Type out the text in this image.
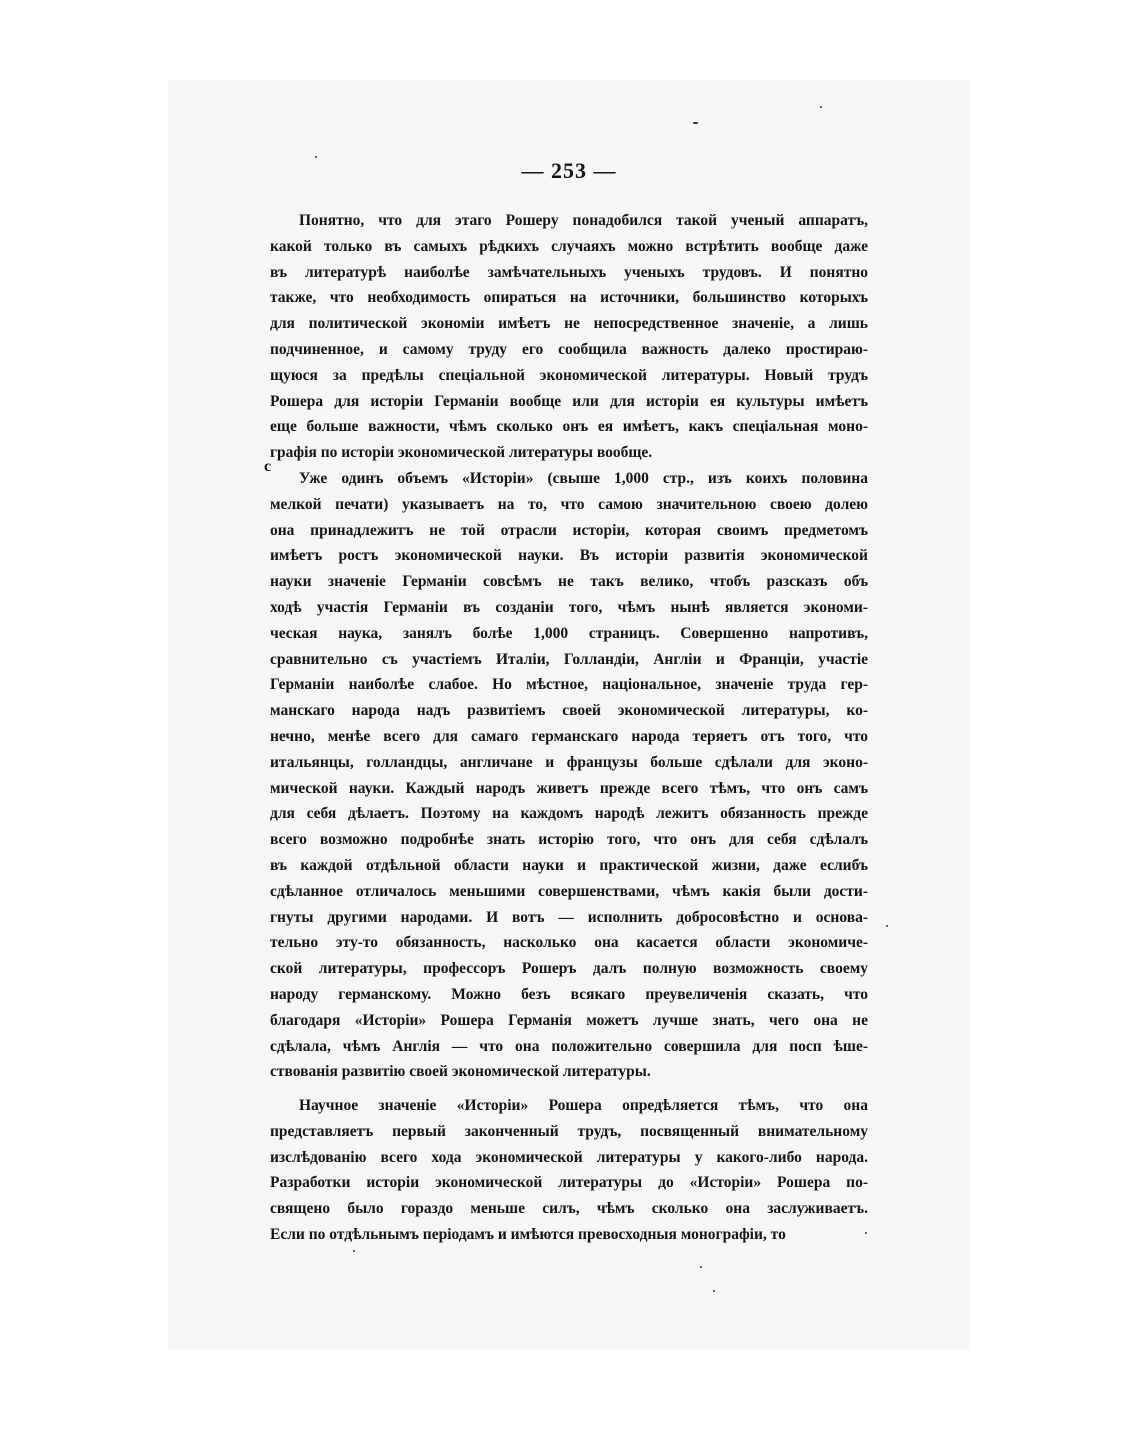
— 253 —
c
Понятно, что для этаго Рошеру понадобился такой ученый аппаратъ,
какой только въ самыхъ рѣдкихъ случаяхъ можно встрѣтить вообще даже
въ литературѣ наиболѣе замѣчательныхъ ученыхъ трудовъ. И понятно
также, что необходимость опираться на источники, большинство которыхъ
для политической экономіи имѣетъ не непосредственное значеніе, а лишь
подчиненное, и самому труду его сообщила важность далеко простираю-
щуюся за предѣлы спеціальной экономической литературы. Новый трудъ
Рошера для исторіи Германіи вообще или для исторіи ея культуры имѣетъ
еще больше важности, чѣмъ сколько онъ ея имѣетъ, какъ спеціальная моно-
графія по исторіи экономической литературы вообще.
Уже одинъ объемъ «Исторіи» (свыше 1,000 стр., изъ коихъ половина
мелкой печати) указываетъ на то, что самою значительною своею долею
она принадлежитъ не той отрасли исторіи, которая своимъ предметомъ
имѣетъ ростъ экономической науки. Въ исторіи развитія экономической
науки значеніе Германіи совсѣмъ не такъ велико, чтобъ разсказъ объ
ходѣ участія Германіи въ созданіи того, чѣмъ нынѣ является экономи-
ческая наука, занялъ болѣе 1,000 страницъ. Совершенно напротивъ,
сравнительно съ участіемъ Италіи, Голландіи, Англіи и Франціи, участіе
Германіи наиболѣе слабое. Но мѣстное, національное, значеніе труда гер-
манскаго народа надъ развитіемъ своей экономической литературы, ко-
нечно, менѣе всего для самаго германскаго народа теряетъ отъ того, что
итальянцы, голландцы, англичане и французы больше сдѣлали для эконо-
мической науки. Каждый народъ живетъ прежде всего тѣмъ, что онъ самъ
для себя дѣлаетъ. Поэтому на каждомъ народѣ лежитъ обязанность прежде
всего возможно подробнѣе знать исторію того, что онъ для себя сдѣлалъ
въ каждой отдѣльной области науки и практической жизни, даже еслибъ
сдѣланное отличалось меньшими совершенствами, чѣмъ какія были дости-
гнуты другими народами. И вотъ — исполнить добросовѣстно и основа-
тельно эту-то обязанность, насколько она касается области экономиче-
ской литературы, профессоръ Рошеръ далъ полную возможность своему
народу германскому. Можно безъ всякаго преувеличенія сказать, что
благодаря «Исторіи» Рошера Германія можетъ лучше знать, чего она не
сдѣлала, чѣмъ Англія — что она положительно совершила для посп ѣше-
ствованія развитію своей экономической литературы.
Научное значеніе «Исторіи» Рошера опредѣляется тѣмъ, что она
представляетъ первый законченный трудъ, посвященный внимательному
изслѣдованію всего хода экономической литературы у какого-либо народа.
Разработки исторіи экономической литературы до «Исторіи» Рошера по-
священо было гораздо меньше силъ, чѣмъ сколько она заслуживаетъ.
Если по отдѣльнымъ періодамъ и имѣются превосходныя монографіи, то
